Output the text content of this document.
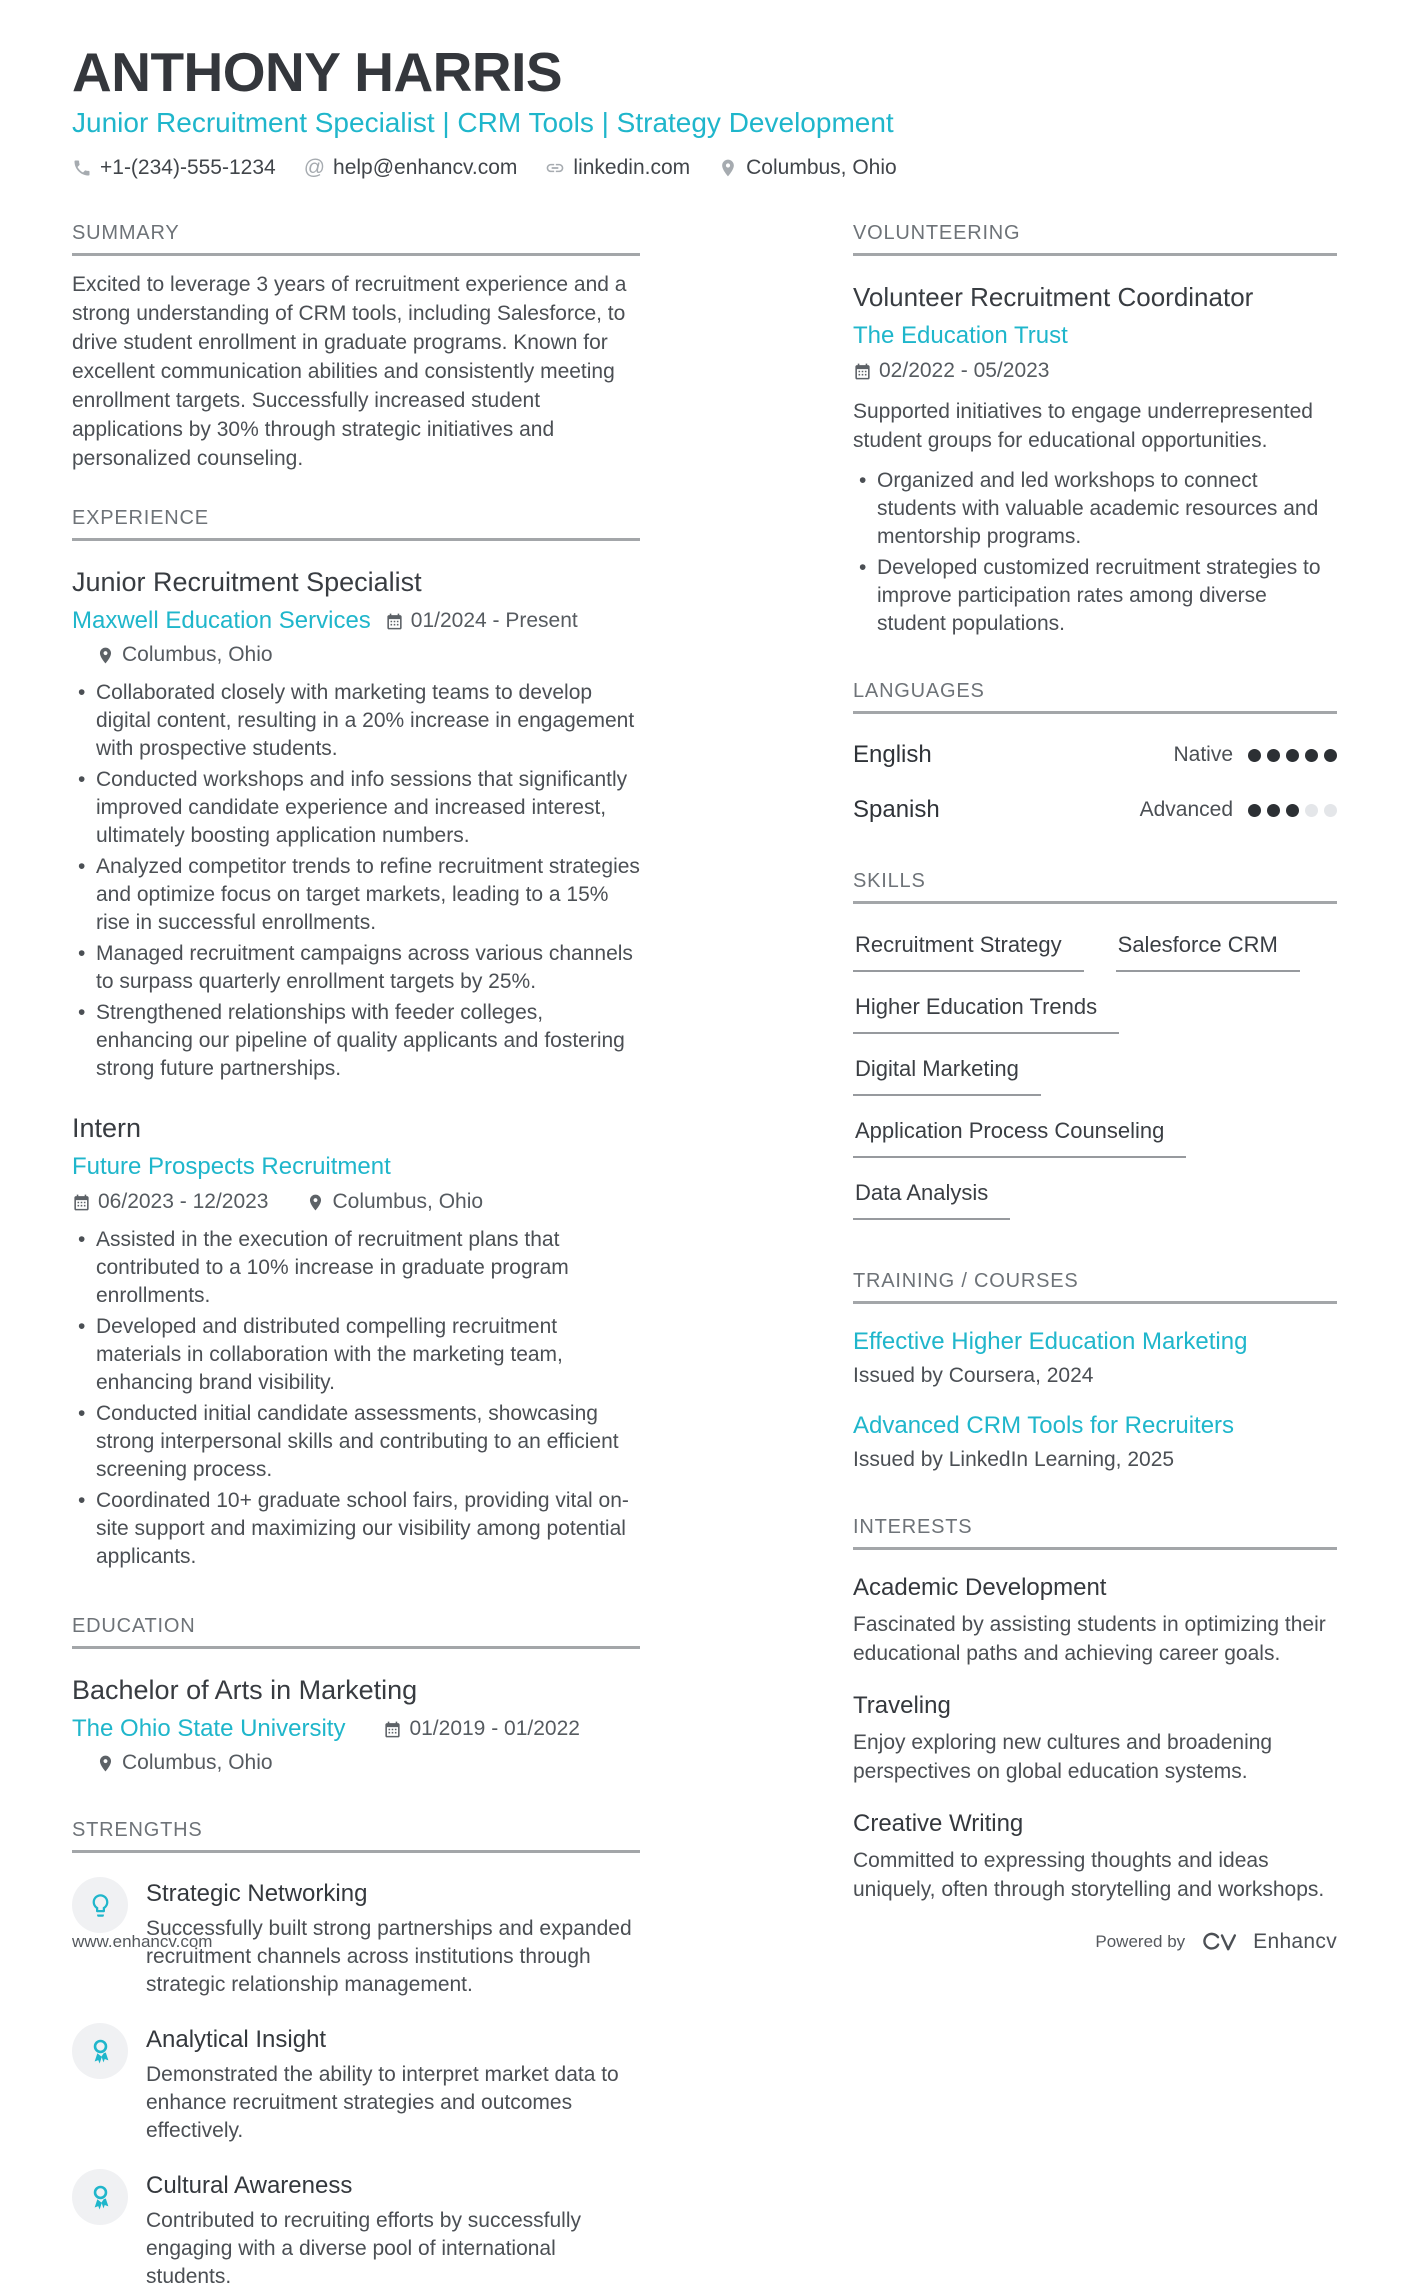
ANTHONY HARRIS
Junior Recruitment Specialist | CRM Tools | Strategy Development
+1-(234)-555-1234 @ help@enhancv.com	linkedin.com	Columbus, Ohio
SUMMARY

Excited to leverage 3 years of recruitment experience and a strong understanding of CRM tools, including Salesforce, to drive student enrollment in graduate programs. Known for excellent communication abilities and consistently meeting enrollment targets. Successfully increased student applications by 30% through strategic initiatives and personalized counseling.

EXPERIENCE
Junior Recruitment Specialist
Maxwell Education Services 01/2024 - Present
Columbus, Ohio
• Collaborated closely with marketing teams to develop digital content, resulting in a 20% increase in engagement with prospective students.
• Conducted workshops and info sessions that significantly improved candidate experience and increased interest, ultimately boosting application numbers.
• Analyzed competitor trends to refine recruitment strategies and optimize focus on target markets, leading to a 15% rise in successful enrollments.
• Managed recruitment campaigns across various channels to surpass quarterly enrollment targets by 25%.
• Strengthened relationships with feeder colleges, enhancing our pipeline of quality applicants and fostering strong future partnerships.
Intern
Future Prospects Recruitment
06/2023 - 12/2023	Columbus, Ohio
• Assisted in the execution of recruitment plans that contributed to a 10% increase in graduate program enrollments.
• Developed and distributed compelling recruitment materials in collaboration with the marketing team, enhancing brand visibility.
• Conducted initial candidate assessments, showcasing strong interpersonal skills and contributing to an efficient screening process.
• Coordinated 10+ graduate school fairs, providing vital on-site support and maximizing our visibility among potential applicants.
EDUCATION
Bachelor of Arts in Marketing
The Ohio State University	01/2019 - 01/2022
Columbus, Ohio
STRENGTHS
Strategic Networking

Successfully built strong partnerships and expanded recruitment channels across institutions through strategic relationship management.

Analytical Insight

Demonstrated the ability to interpret market data to enhance recruitment strategies and outcomes effectively.

Cultural Awareness

Contributed to recruiting efforts by successfully engaging with a diverse pool of international students.

VOLUNTEERING
Volunteer Recruitment Coordinator
The Education Trust
02/2022 - 05/2023

Supported initiatives to engage underrepresented student groups for educational opportunities.

• Organized and led workshops to connect students with valuable academic resources and mentorship programs.
• Developed customized recruitment strategies to improve participation rates among diverse student populations.
LANGUAGES
English	Native
Spanish	Advanced
SKILLS
Recruitment Strategy	Salesforce CRM
Higher Education Trends
Digital Marketing
Application Process Counseling
Data Analysis
TRAINING / COURSES
Effective Higher Education Marketing

Issued by Coursera, 2024

Advanced CRM Tools for Recruiters

Issued by LinkedIn Learning, 2025

INTERESTS
Academic Development

Fascinated by assisting students in optimizing their educational paths and achieving career goals.

Traveling

Enjoy exploring new cultures and broadening perspectives on global education systems.

Creative Writing

Committed to expressing thoughts and ideas uniquely, often through storytelling and workshops.

www.enhancv.com	Powered by	Enhancv
